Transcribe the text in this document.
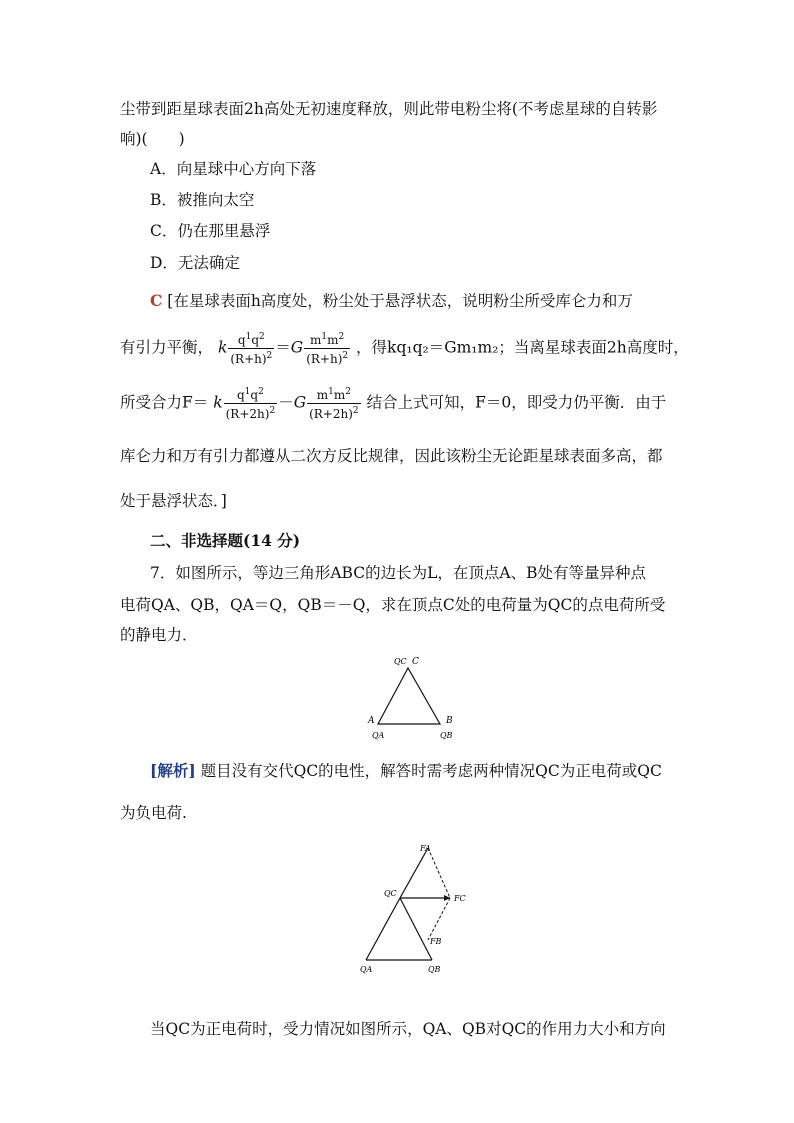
尘带到距星球表面2h高处无初速度释放，则此带电粉尘将(不考虑星球的自转影
响)(　　)
A．向星球中心方向下落
B．被推向太空
C．仍在那里悬浮
D．无法确定
C [在星球表面h高度处，粉尘处于悬浮状态，说明粉尘所受库仑力和万
有引力平衡， k $\frac{q^1q^2}{(R+h)^2} =G \frac{m^1m^2}{(R+h)^2}$ ，得kq₁q₂＝Gm₁m₂；当离星球表面2h高度时，
所受合力F＝ k $\frac{q^1q^2}{(R+2h)^2} -G \frac{m^1m^2}{(R+2h)^2}$ 结合上式可知，F＝0，即受力仍平衡．由于
库仑力和万有引力都遵从二次方反比规律，因此该粉尘无论距星球表面多高，都
处于悬浮状态．]
二、非选择题(14 分)
7．如图所示，等边三角形ABC的边长为L，在顶点A、B处有等量异种点
电荷QA、QB，QA＝Q，QB＝－Q，求在顶点C处的电荷量为QC的点电荷所受
的静电力．
QC C
A	B
QA	QB
[解析] 题目没有交代QC的电性，解答时需考虑两种情况QC为正电荷或QC
为负电荷.
FA
QC
FC
FB
QA	QB
当QC为正电荷时，受力情况如图所示，QA、QB对QC的作用力大小和方向
